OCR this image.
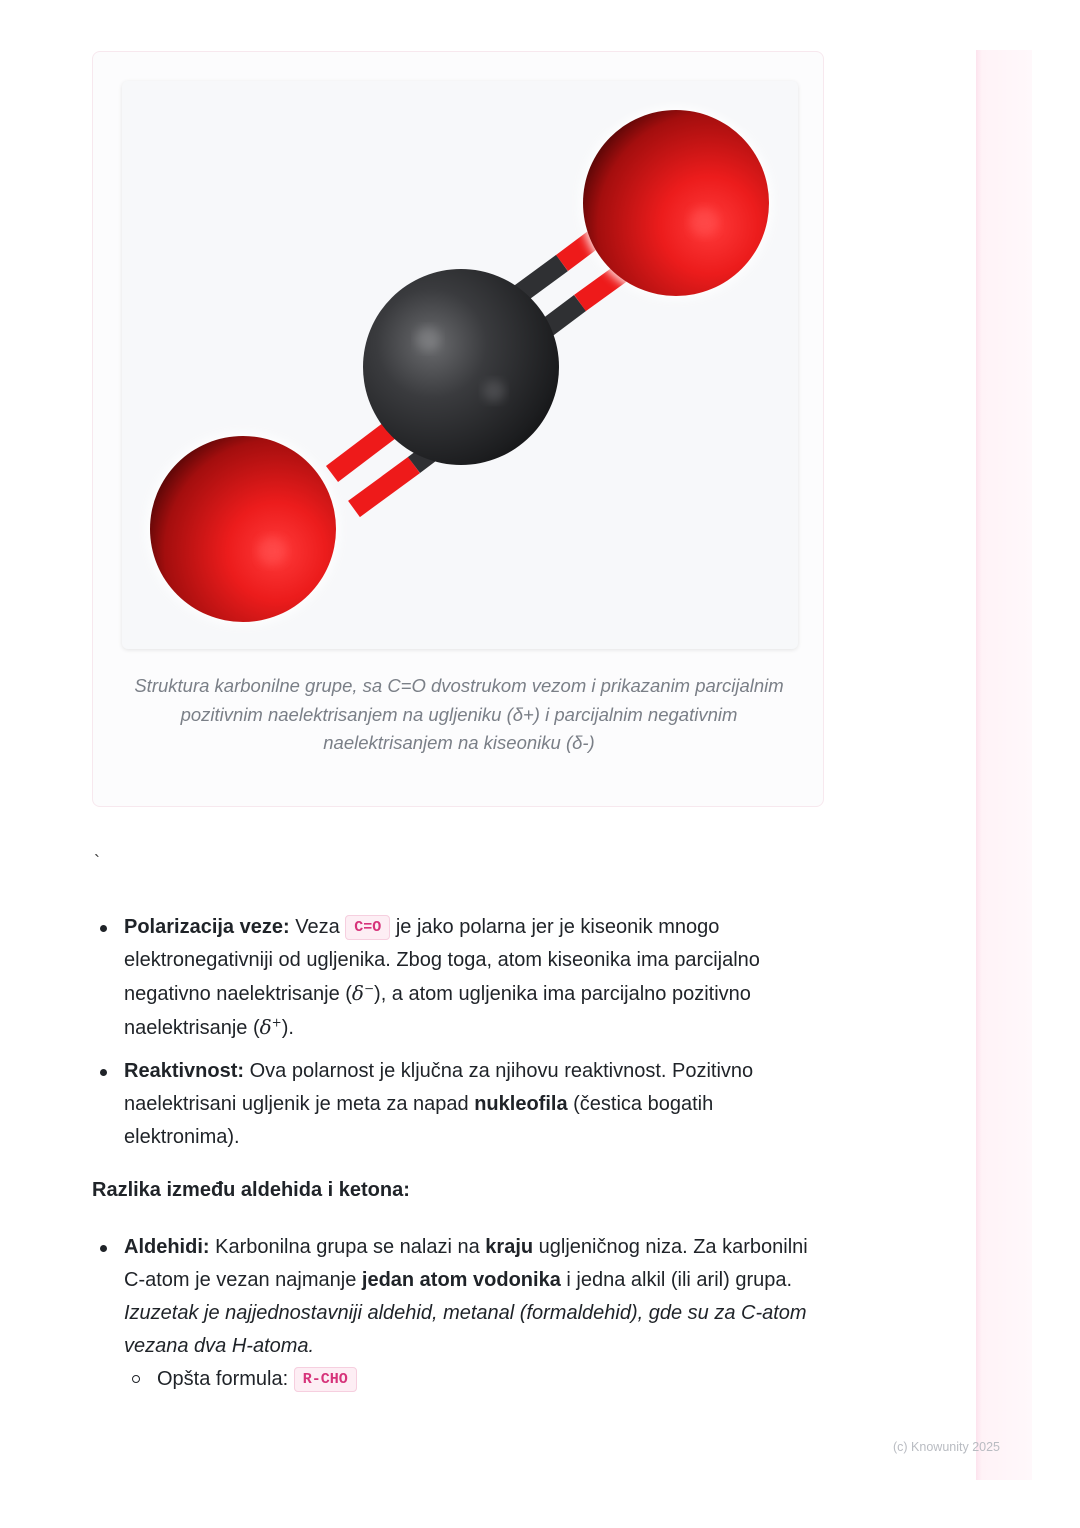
Struktura karbonilne grupe, sa C=O dvostrukom vezom i prikazanim parcijalnim pozitivnim naelektrisanjem na ugljeniku (δ+) i parcijalnim negativnim naelektrisanjem na kiseoniku (δ-)
`
Polarizacija veze: Veza C=O je jako polarna jer je kiseonik mnogo elektronegativniji od ugljenika. Zbog toga, atom kiseonika ima parcijalno negativno naelektrisanje (δ−), a atom ugljenika ima parcijalno pozitivno naelektrisanje (δ+).
Reaktivnost: Ova polarnost je ključna za njihovu reaktivnost. Pozitivno naelektrisani ugljenik je meta za napad nukleofila (čestica bogatih elektronima).
Razlika između aldehida i ketona:
Aldehidi: Karbonilna grupa se nalazi na kraju ugljeničnog niza. Za karbonilni C-atom je vezan najmanje jedan atom vodonika i jedna alkil (ili aril) grupa. Izuzetak je najjednostavniji aldehid, metanal (formaldehid), gde su za C-atom vezana dva H-atoma.
Opšta formula: R-CHO
(c) Knowunity 2025
